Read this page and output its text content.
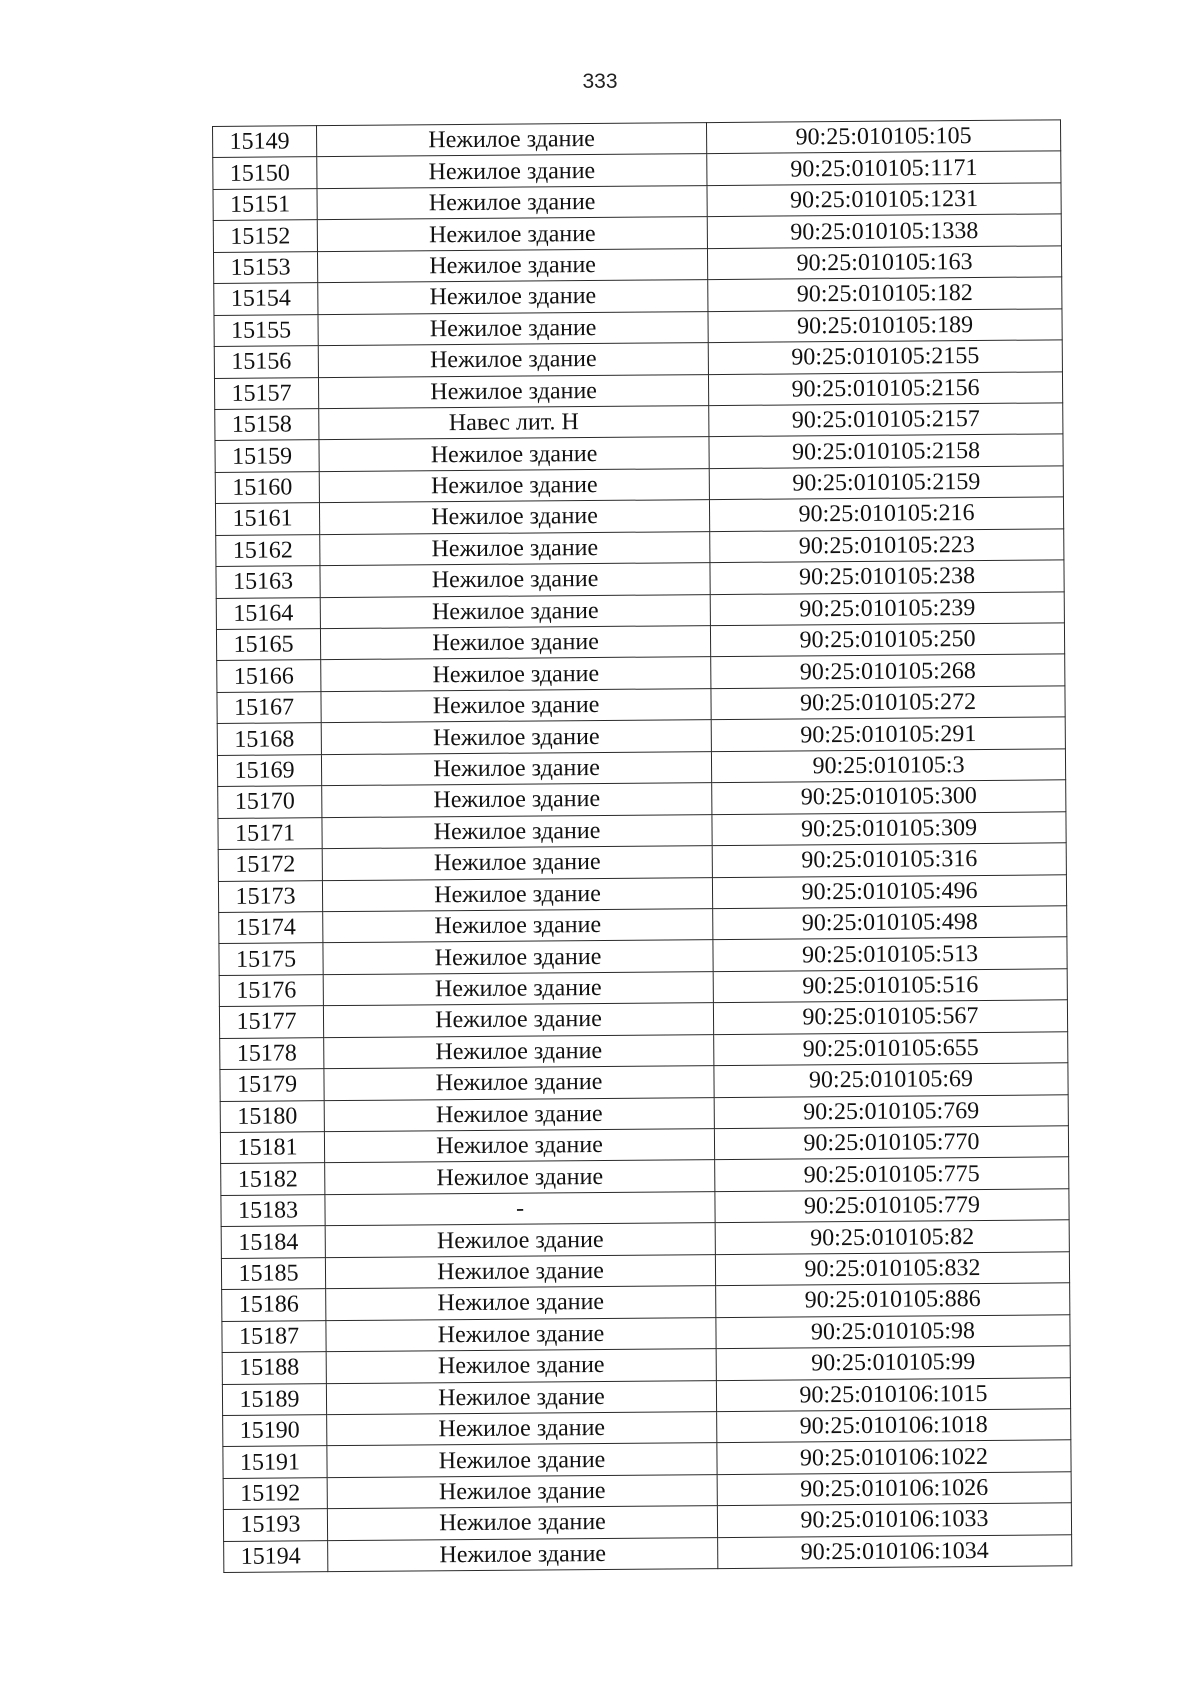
333
15149	Нежилое здание	90:25:010105:105
15150	Нежилое здание	90:25:010105:1171
15151	Нежилое здание	90:25:010105:1231
15152	Нежилое здание	90:25:010105:1338
15153	Нежилое здание	90:25:010105:163
15154	Нежилое здание	90:25:010105:182
15155	Нежилое здание	90:25:010105:189
15156	Нежилое здание	90:25:010105:2155
15157	Нежилое здание	90:25:010105:2156
15158	Навес лит. Н	90:25:010105:2157
15159	Нежилое здание	90:25:010105:2158
15160	Нежилое здание	90:25:010105:2159
15161	Нежилое здание	90:25:010105:216
15162	Нежилое здание	90:25:010105:223
15163	Нежилое здание	90:25:010105:238
15164	Нежилое здание	90:25:010105:239
15165	Нежилое здание	90:25:010105:250
15166	Нежилое здание	90:25:010105:268
15167	Нежилое здание	90:25:010105:272
15168	Нежилое здание	90:25:010105:291
15169	Нежилое здание	90:25:010105:3
15170	Нежилое здание	90:25:010105:300
15171	Нежилое здание	90:25:010105:309
15172	Нежилое здание	90:25:010105:316
15173	Нежилое здание	90:25:010105:496
15174	Нежилое здание	90:25:010105:498
15175	Нежилое здание	90:25:010105:513
15176	Нежилое здание	90:25:010105:516
15177	Нежилое здание	90:25:010105:567
15178	Нежилое здание	90:25:010105:655
15179	Нежилое здание	90:25:010105:69
15180	Нежилое здание	90:25:010105:769
15181	Нежилое здание	90:25:010105:770
15182	Нежилое здание	90:25:010105:775
15183	-	90:25:010105:779
15184	Нежилое здание	90:25:010105:82
15185	Нежилое здание	90:25:010105:832
15186	Нежилое здание	90:25:010105:886
15187	Нежилое здание	90:25:010105:98
15188	Нежилое здание	90:25:010105:99
15189	Нежилое здание	90:25:010106:1015
15190	Нежилое здание	90:25:010106:1018
15191	Нежилое здание	90:25:010106:1022
15192	Нежилое здание	90:25:010106:1026
15193	Нежилое здание	90:25:010106:1033
15194	Нежилое здание	90:25:010106:1034
